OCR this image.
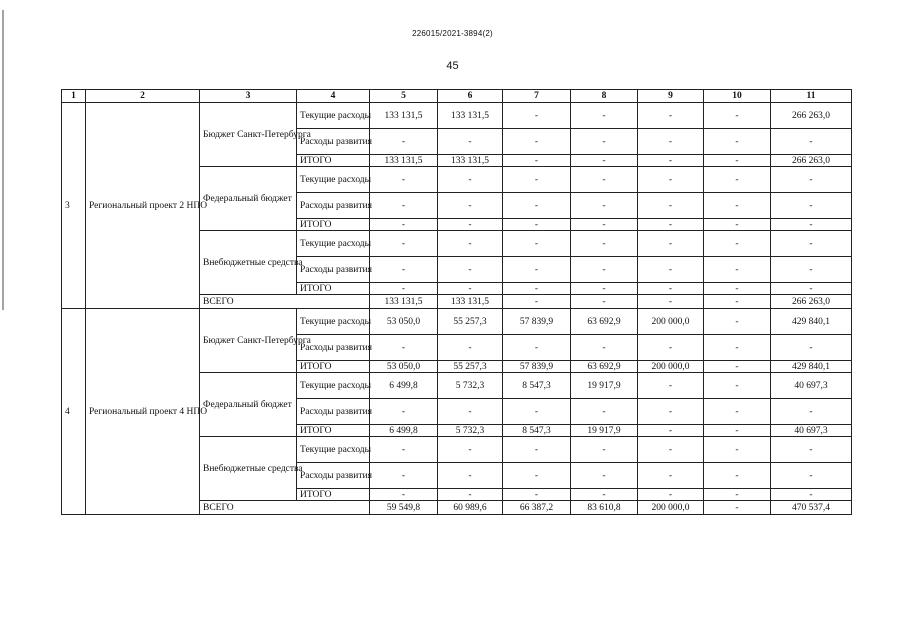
226015/2021-3894(2)
45
1	2	3	4	5	6	7	8	9	10	11
3	Региональный проект 2 НПО	Бюджет Санкт-Петербурга	Текущие расходы	133 131,5	133 131,5	-	-	-	-	266 263,0
			Расходы развития	-	-	-	-	-	-	-
			ИТОГО	133 131,5	133 131,5	-	-	-	-	266 263,0
		Федеральный бюджет	Текущие расходы	-	-	-	-	-	-	-
			Расходы развития	-	-	-	-	-	-	-
			ИТОГО	-	-	-	-	-	-	-
		Внебюджетные средства	Текущие расходы	-	-	-	-	-	-	-
			Расходы развития	-	-	-	-	-	-	-
			ИТОГО	-	-	-	-	-	-	-
		ВСЕГО		133 131,5	133 131,5	-	-	-	-	266 263,0
4	Региональный проект 4 НПО	Бюджет Санкт-Петербурга	Текущие расходы	53 050,0	55 257,3	57 839,9	63 692,9	200 000,0	-	429 840,1
			Расходы развития	-	-	-	-	-	-	-
			ИТОГО	53 050,0	55 257,3	57 839,9	63 692,9	200 000,0	-	429 840,1
		Федеральный бюджет	Текущие расходы	6 499,8	5 732,3	8 547,3	19 917,9	-	-	40 697,3
			Расходы развития	-	-	-	-	-	-	-
			ИТОГО	6 499,8	5 732,3	8 547,3	19 917,9	-	-	40 697,3
		Внебюджетные средства	Текущие расходы	-	-	-	-	-	-	-
			Расходы развития	-	-	-	-	-	-	-
			ИТОГО	-	-	-	-	-	-	-
		ВСЕГО		59 549,8	60 989,6	66 387,2	83 610,8	200 000,0	-	470 537,4
